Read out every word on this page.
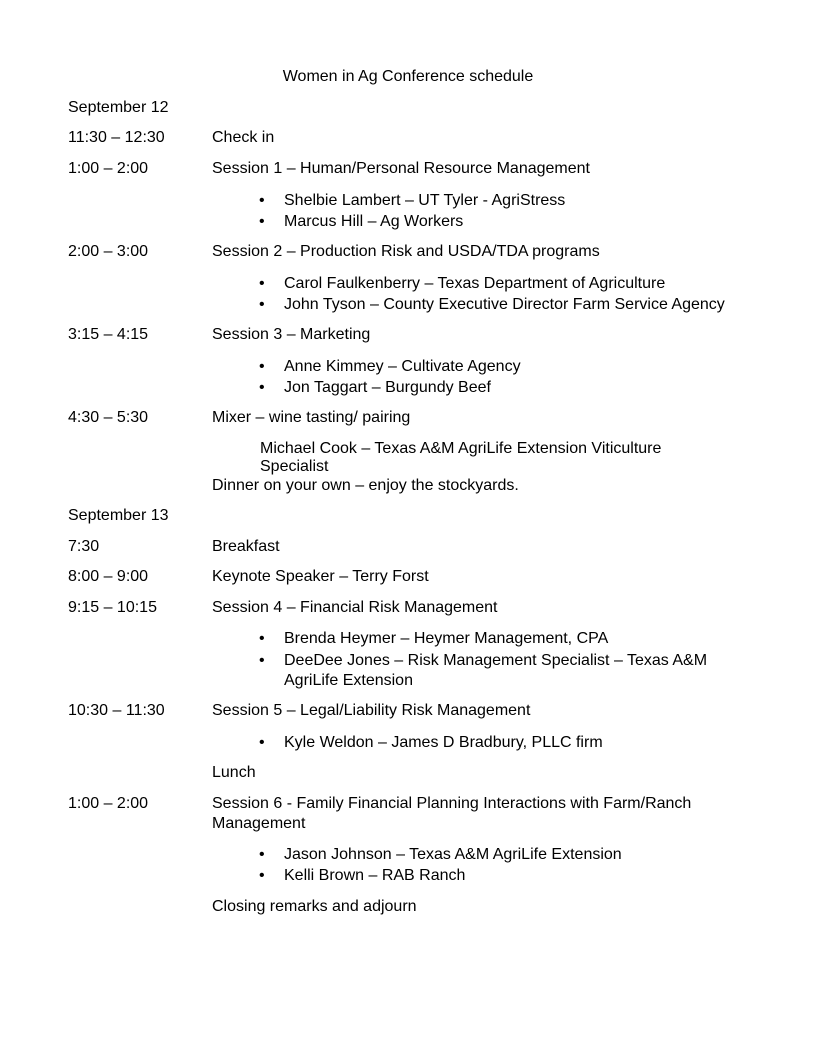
Women in Ag Conference schedule
September 12
11:30 – 12:30	Check in
1:00 – 2:00	Session 1 – Human/Personal Resource Management
• Shelbie Lambert – UT Tyler - AgriStress
• Marcus Hill – Ag Workers
2:00 – 3:00	Session 2 – Production Risk and USDA/TDA programs
• Carol Faulkenberry – Texas Department of Agriculture
• John Tyson – County Executive Director Farm Service Agency
3:15 – 4:15	Session 3 – Marketing
• Anne Kimmey – Cultivate Agency
• Jon Taggart – Burgundy Beef
4:30 – 5:30	Mixer – wine tasting/ pairing
Michael Cook – Texas A&M AgriLife Extension Viticulture Specialist
Dinner on your own – enjoy the stockyards.
September 13
7:30	Breakfast
8:00 – 9:00	Keynote Speaker – Terry Forst
9:15 – 10:15	Session 4 – Financial Risk Management
• Brenda Heymer – Heymer Management, CPA
• DeeDee Jones – Risk Management Specialist – Texas A&M AgriLife Extension
10:30 – 11:30	Session 5 – Legal/Liability Risk Management
• Kyle Weldon – James D Bradbury, PLLC firm
Lunch
1:00 – 2:00	Session 6 - Family Financial Planning Interactions with Farm/Ranch Management
• Jason Johnson – Texas A&M AgriLife Extension
• Kelli Brown – RAB Ranch
Closing remarks and adjourn
